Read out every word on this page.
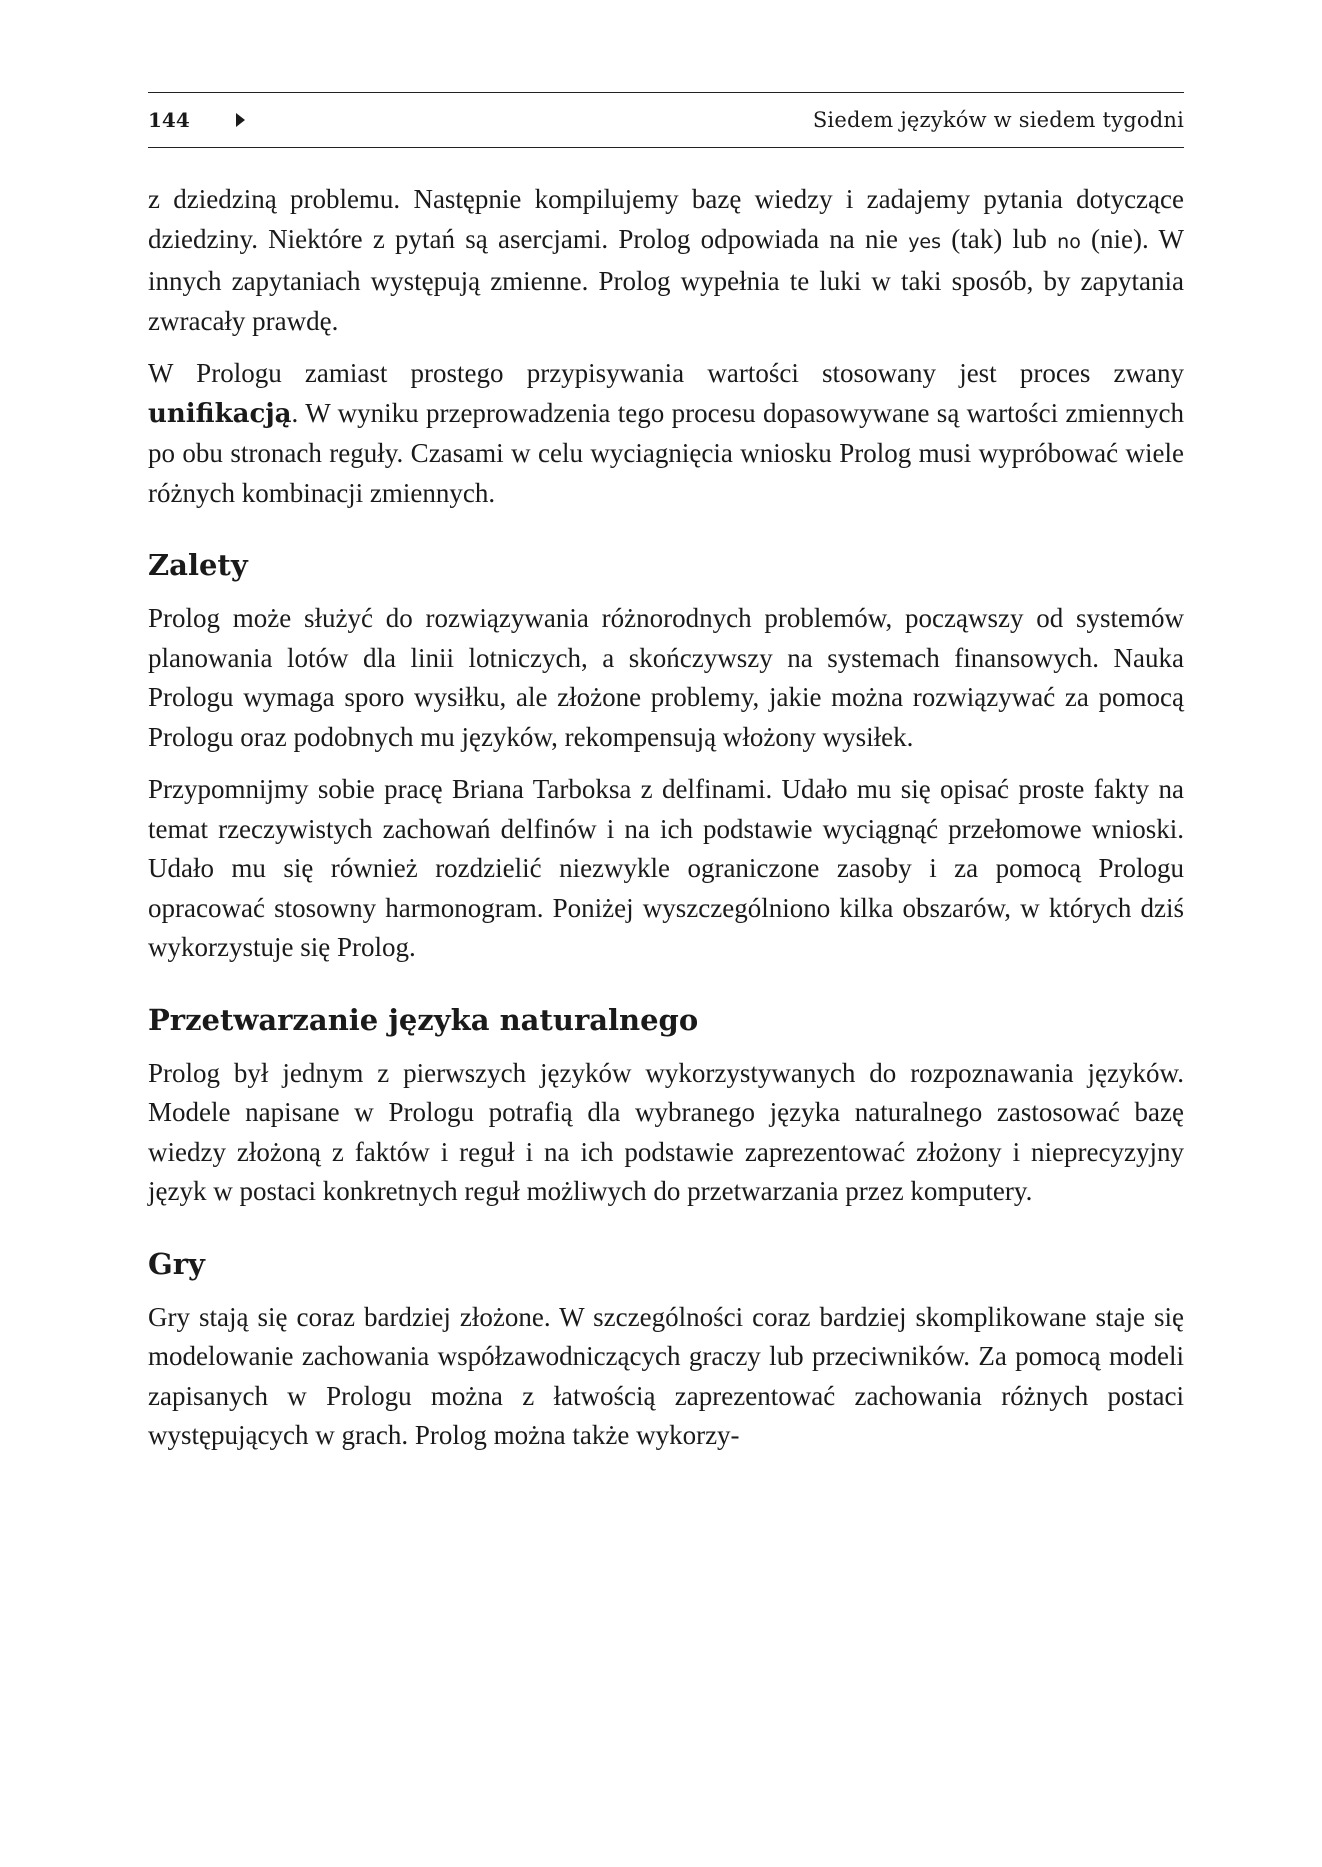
144	Siedem języków w siedem tygodni

z dziedziną problemu. Następnie kompilujemy bazę wiedzy i zadajemy pytania dotyczące dziedziny. Niektóre z pytań są asercjami. Prolog odpowiada na nie yes (tak) lub no (nie). W innych zapytaniach występują zmienne. Prolog wypełnia te luki w taki sposób, by zapytania zwracały prawdę.

W Prologu zamiast prostego przypisywania wartości stosowany jest proces zwany unifikacją. W wyniku przeprowadzenia tego procesu dopasowywane są wartości zmiennych po obu stronach reguły. Czasami w celu wyciagnięcia wniosku Prolog musi wypróbować wiele różnych kombinacji zmiennych.

Zalety

Prolog może służyć do rozwiązywania różnorodnych problemów, począwszy od systemów planowania lotów dla linii lotniczych, a skończywszy na systemach finansowych. Nauka Prologu wymaga sporo wysiłku, ale złożone problemy, jakie można rozwiązywać za pomocą Prologu oraz podobnych mu języków, rekompensują włożony wysiłek.

Przypomnijmy sobie pracę Briana Tarboksa z delfinami. Udało mu się opisać proste fakty na temat rzeczywistych zachowań delfinów i na ich podstawie wyciągnąć przełomowe wnioski. Udało mu się również rozdzielić niezwykle ograniczone zasoby i za pomocą Prologu opracować stosowny harmonogram. Poniżej wyszczególniono kilka obszarów, w których dziś wykorzystuje się Prolog.

Przetwarzanie języka naturalnego

Prolog był jednym z pierwszych języków wykorzystywanych do rozpoznawania języków. Modele napisane w Prologu potrafią dla wybranego języka naturalnego zastosować bazę wiedzy złożoną z faktów i reguł i na ich podstawie zaprezentować złożony i nieprecyzyjny język w postaci konkretnych reguł możliwych do przetwarzania przez komputery.

Gry

Gry stają się coraz bardziej złożone. W szczególności coraz bardziej skomplikowane staje się modelowanie zachowania współzawodniczących graczy lub przeciwników. Za pomocą modeli zapisanych w Prologu można z łatwością zaprezentować zachowania różnych postaci występujących w grach. Prolog można także wykorzy-
